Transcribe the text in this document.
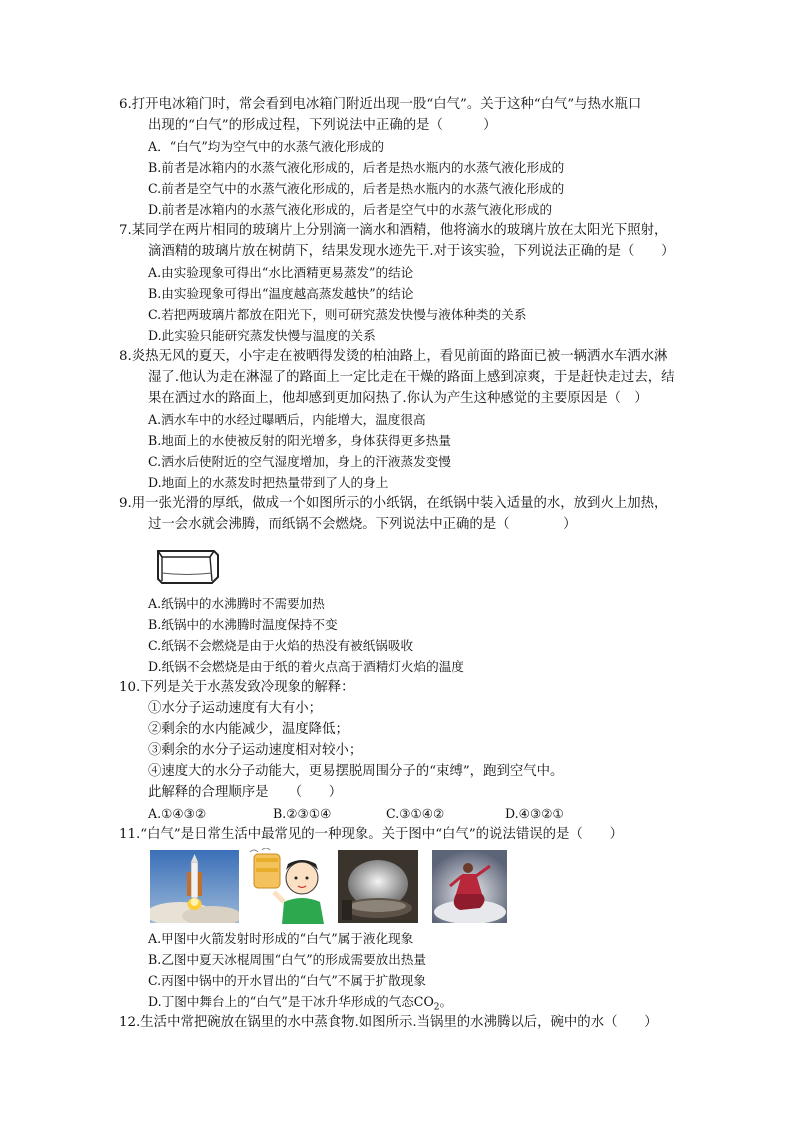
6.打开电冰箱门时，常会看到电冰箱门附近出现一股“白气”。关于这种“白气”与热水瓶口
出现的“白气”的形成过程，下列说法中正确的是（　　　）
A．“白气”均为空气中的水蒸气液化形成的
B.前者是冰箱内的水蒸气液化形成的，后者是热水瓶内的水蒸气液化形成的
C.前者是空气中的水蒸气液化形成的，后者是热水瓶内的水蒸气液化形成的
D.前者是冰箱内的水蒸气液化形成的，后者是空气中的水蒸气液化形成的
7.某同学在两片相同的玻璃片上分别滴一滴水和酒精，他将滴水的玻璃片放在太阳光下照射，
滴酒精的玻璃片放在树荫下，结果发现水迹先干.对于该实验，下列说法正确的是（　　）
A.由实验现象可得出“水比酒精更易蒸发”的结论
B.由实验现象可得出“温度越高蒸发越快”的结论
C.若把两玻璃片都放在阳光下，则可研究蒸发快慢与液体种类的关系
D.此实验只能研究蒸发快慢与温度的关系
8.炎热无风的夏天，小宇走在被晒得发烫的柏油路上，看见前面的路面已被一辆洒水车洒水淋
湿了.他认为走在淋湿了的路面上一定比走在干燥的路面上感到凉爽，于是赶快走过去，结
果在洒过水的路面上，他却感到更加闷热了.你认为产生这种感觉的主要原因是（　）
A.洒水车中的水经过曝晒后，内能增大，温度很高
B.地面上的水使被反射的阳光增多，身体获得更多热量
C.洒水后使附近的空气湿度增加，身上的汗液蒸发变慢
D.地面上的水蒸发时把热量带到了人的身上
9.用一张光滑的厚纸，做成一个如图所示的小纸锅，在纸锅中装入适量的水，放到火上加热，
过一会水就会沸腾，而纸锅不会燃烧。下列说法中正确的是（　　　　）
A.纸锅中的水沸腾时不需要加热
B.纸锅中的水沸腾时温度保持不变
C.纸锅不会燃烧是由于火焰的热没有被纸锅吸收
D.纸锅不会燃烧是由于纸的着火点高于酒精灯火焰的温度
10.下列是关于水蒸发致冷现象的解释：
①水分子运动速度有大有小；
②剩余的水内能减少，温度降低；
③剩余的水分子运动速度相对较小；
④速度大的水分子动能大，更易摆脱周围分子的“束缚”，跑到空气中。
此解释的合理顺序是　　（　　）
A.①④③②	B.②③①④	C.③①④②	D.④③②①
11.“白气”是日常生活中最常见的一种现象。关于图中“白气”的说法错误的是（　　）
A.甲图中火箭发射时形成的“白气”属于液化现象
B.乙图中夏天冰棍周围“白气”的形成需要放出热量
C.丙图中锅中的开水冒出的“白气”不属于扩散现象
D.丁图中舞台上的“白气”是干冰升华形成的气态$CO_2$。
12.生活中常把碗放在锅里的水中蒸食物.如图所示.当锅里的水沸腾以后，碗中的水（　　）
